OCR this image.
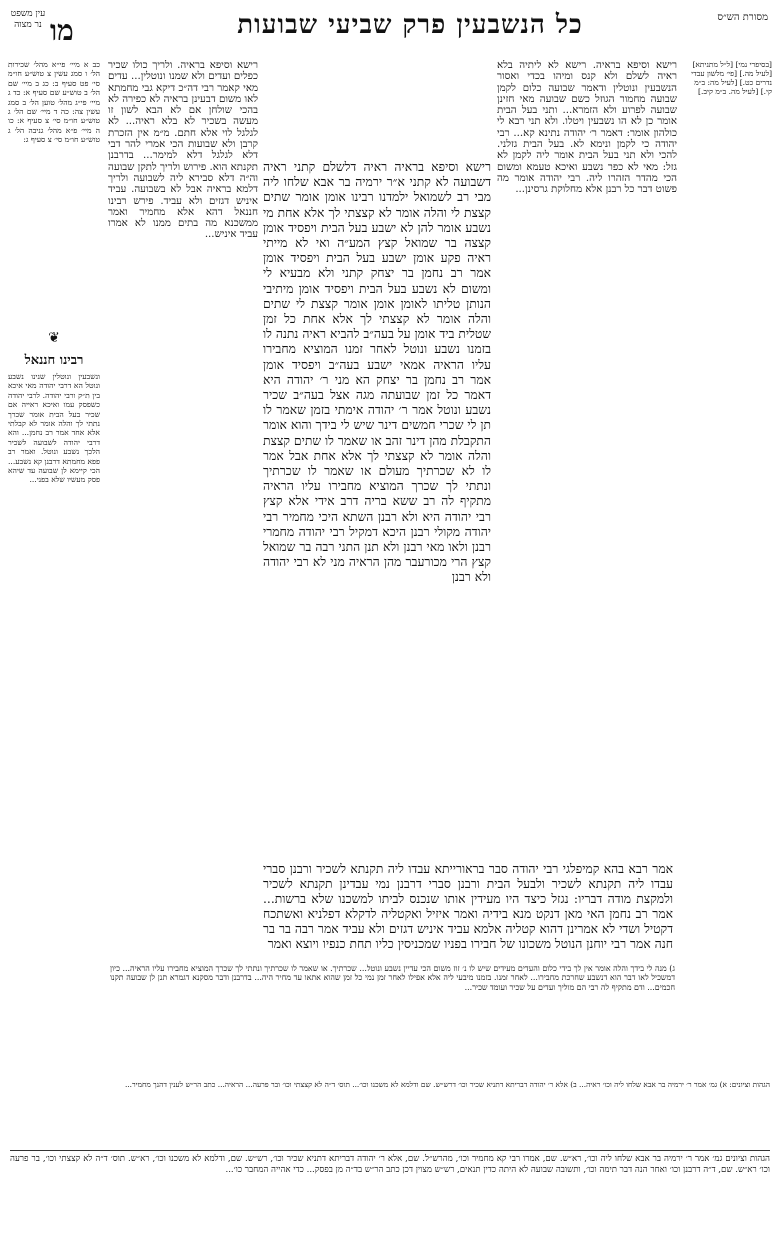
מסורת הש״ס
כל הנשבעין פרק שביעי שבועות
מו
עין משפט נר מצוה
כב א מיי׳ פי״א מהל׳ שכירות הל׳ ו סמג עשין צ טוש״ע חו״מ סי׳ פט סעיף ב: כג ב מיי׳ שם הל׳ ב טוש״ע שם סעיף א: כד ג מיי׳ פי״ג מהל׳ טוען הל׳ ב סמג עשין צה: כה ד מיי׳ שם הל׳ ג טוש״ע חו״מ סי׳ צ סעיף א: כו ה מיי׳ פ״א מהל׳ גניבה הל׳ ג טוש״ע חו״מ סי׳ צ סעיף ג:
❦
רבינו חננאל
ונשבעין ונוטלין שנינו נשבע ונוטל הא דרבי יהודה מאי איכא בין ת״ק ורבי יהודה. לרבי יהודה כשפסק עמו ואיכא ראייה אם שכיר בעל הבית אומר שכרך נתתי לך והלה אומר לא קבלתי אלא אחד אמר רב נחמן... והא דרבי יהודה לשבועה לשכיר הלכך נשבע ונוטל. ואמר רב פפא מחמתא דרבנן קא נשבע... הכי קיימא לן שבועה עד שיהא פסק מעשיו שלא בפני...
רישא וסיפא בראיה. ולריך כולו שכיר כפלים ועדים ולא שמנו ונוטלין... עדים מאי קאמר רבי דה״כ דיקא גבי מחמתא לאו משום דבעינן בראיה לא כפירה לא בהכי שולחן אם לא הבא לשון זו מעשה בשכיר לא בלא ראיה... לא לגלגל לוי אלא חתם. מ״מ אין הזכרת קרבן ולא שבועות הכי אמרי להר דבי דלא לגלגל דלא למימר... בדרבנן תקנתא הוא. פירוש ולריך לתקן שבועה וה״ה דלא סבירא ליה לשבועה ולריך דלמא בראיה אבל לא בשבועה. עביד איניש דגזים ולא עביד. פירש רבינו חננאל דהא אלא מחמיר ואמר ממשכנא מה בתים ממנו לא אמרו עביד איניש...
רישא וסיפא בראיה ראיה דלשלם קתני ראיה דשבועה לא קתני א״ר ירמיה בר אבא שלחו ליה מבי רב לשמואל ילמדנו רבינו אומן אומר שתים קצצת לי והלה אומר לא קצצתי לך אלא אחת מי נשבע אומר להן לא ישבע בעל הבית ויפסיד אומן קצצה בר שמואל קצץ המע״ה ואי לא מייתי ראיה פקע אומן ישבע בעל הבית ויפסיד אומן אמר רב נחמן בר יצחק קתני ולא מבעיא לי ומשום לא נשבע בעל הבית ויפסיד אומן מיתיבי הנותן טליתו לאומן אומן אומר קצצת לי שתים והלה אומר לא קצצתי לך אלא אחת כל זמן שטלית ביד אומן על בעה״ב להביא ראיה נתנה לו בזמנו נשבע ונוטל לאחר זמנו המוציא מחבירו עליו הראיה אמאי ישבע בעה״ב ויפסיד אומן אמר רב נחמן בר יצחק הא מני ר׳ יהודה היא דאמר כל זמן שבועתה מגה אצל בעה״ב שכיר נשבע ונוטל אמר ר׳ יהודה אימתי בזמן שאמר לו תן לי שכרי חמשים דינר שיש לי בידך והוא אומר התקבלת מהן דינר זהב או שאמר לו שתים קצצת והלה אומר לא קצצתי לך אלא אחת אבל אמר לו לא שכרתיך מעולם או שאמר לו שכרתיך ונתתי לך שכרך המוציא מחבירו עליו הראיה מתקיף לה רב ששא בריה דרב אידי אלא קצץ רבי יהודה היא ולא רבנן השתא היכי מחמיר רבי יהודה מקולי רבנן היכא דמקיל רבי יהודה מחמרי רבנן ולאו מאי רבנן ולא תנן התני רבה בר שמואל קצץ הרי מכורעבר מהן הראיה מני לא רבי יהודה ולא רבנן
רישא וסיפא בראיה. רישא לא ליתיה בלא ראיה לשלם ולא קנס ומיהו בכדי ואסור הנשבעין ונוטלין ודאמר שבועה כלום לקמן שבועה מחמור הגוזל כשם שבועה מאי חזינן שבועה לפרוע ולא הזמרא... ותני בעל הבית אומר כן לא הו נשבעין ויטלו. ולא תני רבא לי כולהון אומר: דאמר ר׳ יהודה נתינא קא... רבי יהודה כי לקמן ונימא לא. בעל הבית גזלני. להכי ולא תני בעל הבית אומר ליה לקמן לא גזל: מאי לא כפר נשבע ואיכא טעמא ומשום הכי מהדר הזהרו ליה. רבי יהודה אומר מה פשוט דבר כל רבנן אלא מחלוקת גרסינן...
[בסיפרי נמי] [ל״ל מתניתא] [לעיל מה.] [פי׳ מלשון עבדי נדרים כט.] [לעיל מה: ב״מ קי.] [לעיל מה. ב״מ קיב.]
אמר רבא בהא קמיפלגי רבי יהודה סבר בראורייתא עבדו ליה תקנתא לשכיר ורבנן סברי עבדו ליה תקנתא לשכיר ולבעל הבית ורבנן סברי דרבנן נמי עבדינן תקנתא לשכיר ולמקצת מודה דבריו: נגזל כיצד היו מעידין אותו שנכנס לביתו למשכנו שלא ברשות... אמר רב נחמן האי מאן דנקט מנא בידיה ואמר איזיל ואקטליה לדקלא דפלניא ואשתכח דקטיל ושדי לא אמרינן דהוא קטליה אלמא עביד איניש דגזים ולא עביד אמר רבה בר בר חנה אמר רבי יוחנן הנוטל משכונו של חבירו בפניו שמכניסין כליו תחת כנפיו ויוצא ואמר
ג) מנה לי בידך והלה אומר אין לך בידי כלום והעדים מעידים שיש לו נ׳ זוז משום הכי עדיין נשבע ונוטל... שכרתיך. או שאמר לו שכרתיך ונתתי לך שכרך המוציא מחבירו עליו הראיה... כיון דמשכיל לאו דבר הוא דנשבע שחרכת מחבירו... לאחר זמנו. בזמנו מיבעי ליה אלא אפילו לאחר זמן נמי כל זמן שהוא אתאו עד מחיר היה... בדרבנן ודבר מסקנא דגמרא תנן לן שבועה תקנו חכמים... ודם מתקיף לה רבי הם מוליך ועדים על שכיר ועומד שכיר...
הגהות וציונים: א) גמ׳ אמר ר׳ ירמיה בר אבא שלחו ליה וכו׳ ראיה... ב) אלא ר׳ יהודה דבריתא דתניא שכיר וכו׳ דרש״ש. שם ודלמא לא משכנו וכו׳... תוס׳ ד״ה לא קצצתי וכו׳ ובר פרעה... הראיה... כתב הר״ש לענין דהנך מחמיר...
הגהות וציונים גמ׳ אמר ר׳ ירמיה בר אבא שלחו ליה וכו׳, רא״ש. שם, אמרו רבי קא מחמיר וכו׳, מהרש״ל. שם, אלא ר׳ יהודה דבריתא דתניא שכיר וכו׳, רש״ש. שם, ודלמא לא משכנו וכו׳, רא״ש. תוס׳ ד״ה לא קצצתי וכו׳, בר פרעה וכו׳ רא״ש. שם, ד״ה דרבנן וכו׳ ואחר הנה דבר תימה וכו׳, ותשובה שבועה לא היתה כדין תנאים, רש״ש מצוין דכן כתב הר״ש בד״ה מן בפסק... כדי אהייה המחבר כו׳...
